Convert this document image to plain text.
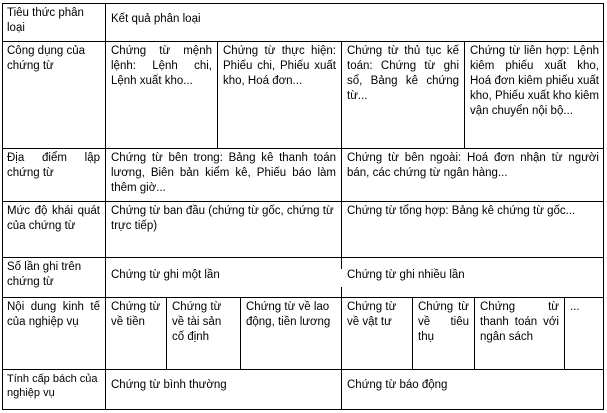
Tiêu thức phân loại
Kết quả phân loại
Công dụng của chứng từ
Chứng từ mệnh lệnh: Lệnh chi, Lệnh xuất kho...
Chứng từ thực hiện: Phiếu chi, Phiếu xuất kho, Hoá đơn...
Chứng từ thủ tục kế toán: Chứng từ ghi sổ, Bảng kê chứng từ...
Chứng từ liên hợp: Lệnh kiêm phiếu xuất kho, Hoá đơn kiêm phiếu xuất kho, Phiếu xuất kho kiêm vận chuyển nội bộ...
Địa điểm lập chứng từ
Chứng từ bên trong: Bảng kê thanh toán lương, Biên bản kiểm kê, Phiếu báo làm thêm giờ...
Chứng từ bên ngoài: Hoá đơn nhận từ người bán, các chứng từ ngân hàng...
Mức độ khái quát của chứng từ
Chứng từ ban đầu (chứng từ gốc, chứng từ trực tiếp)
Chứng từ tổng hợp: Bảng kê chứng từ gốc...
Số lần ghi trên chứng từ
Chứng từ ghi một lần	Chứng từ ghi nhiều lần
Nội dung kinh tế của nghiệp vụ
Chứng từ về tiền
Chứng từ về tài sản cố định
Chứng từ về lao động, tiền lương
Chứng từ về vật tư
Chứng từ về tiêu thụ
Chứng từ thanh toán với ngân sách
...
Tính cấp bách của nghiệp vụ
Chứng từ bình thường	Chứng từ báo động
